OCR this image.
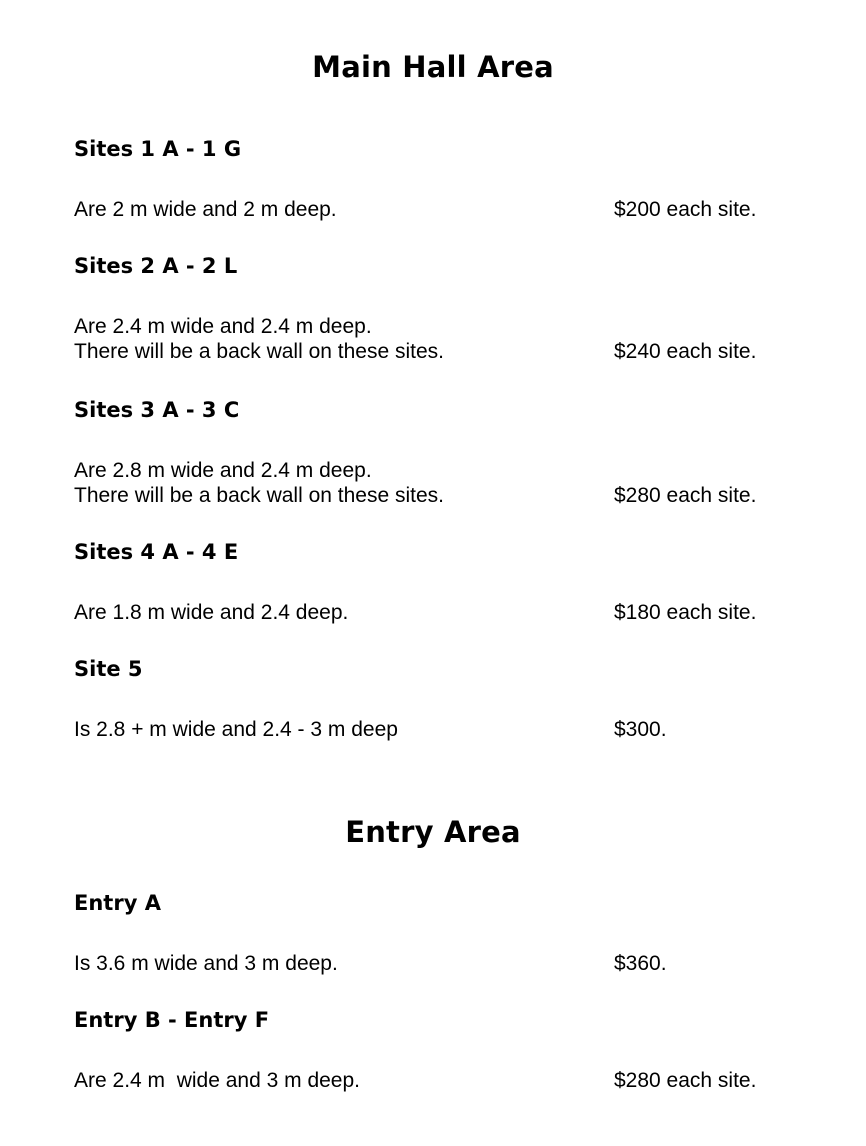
Main Hall Area
Sites 1 A - 1 G
Are 2 m wide and 2 m deep.	$200 each site.
Sites 2 A - 2 L
Are 2.4 m wide and 2.4 m deep.
There will be a back wall on these sites.	$240 each site.
Sites 3 A - 3 C
Are 2.8 m wide and 2.4 m deep.
There will be a back wall on these sites.	$280 each site.
Sites 4 A - 4 E
Are 1.8 m wide and 2.4 deep.	$180 each site.
Site 5
Is 2.8 + m wide and 2.4 - 3 m deep	$300.
Entry Area
Entry A
Is 3.6 m wide and 3 m deep.	$360.
Entry B - Entry F
Are 2.4 m  wide and 3 m deep.	$280 each site.
